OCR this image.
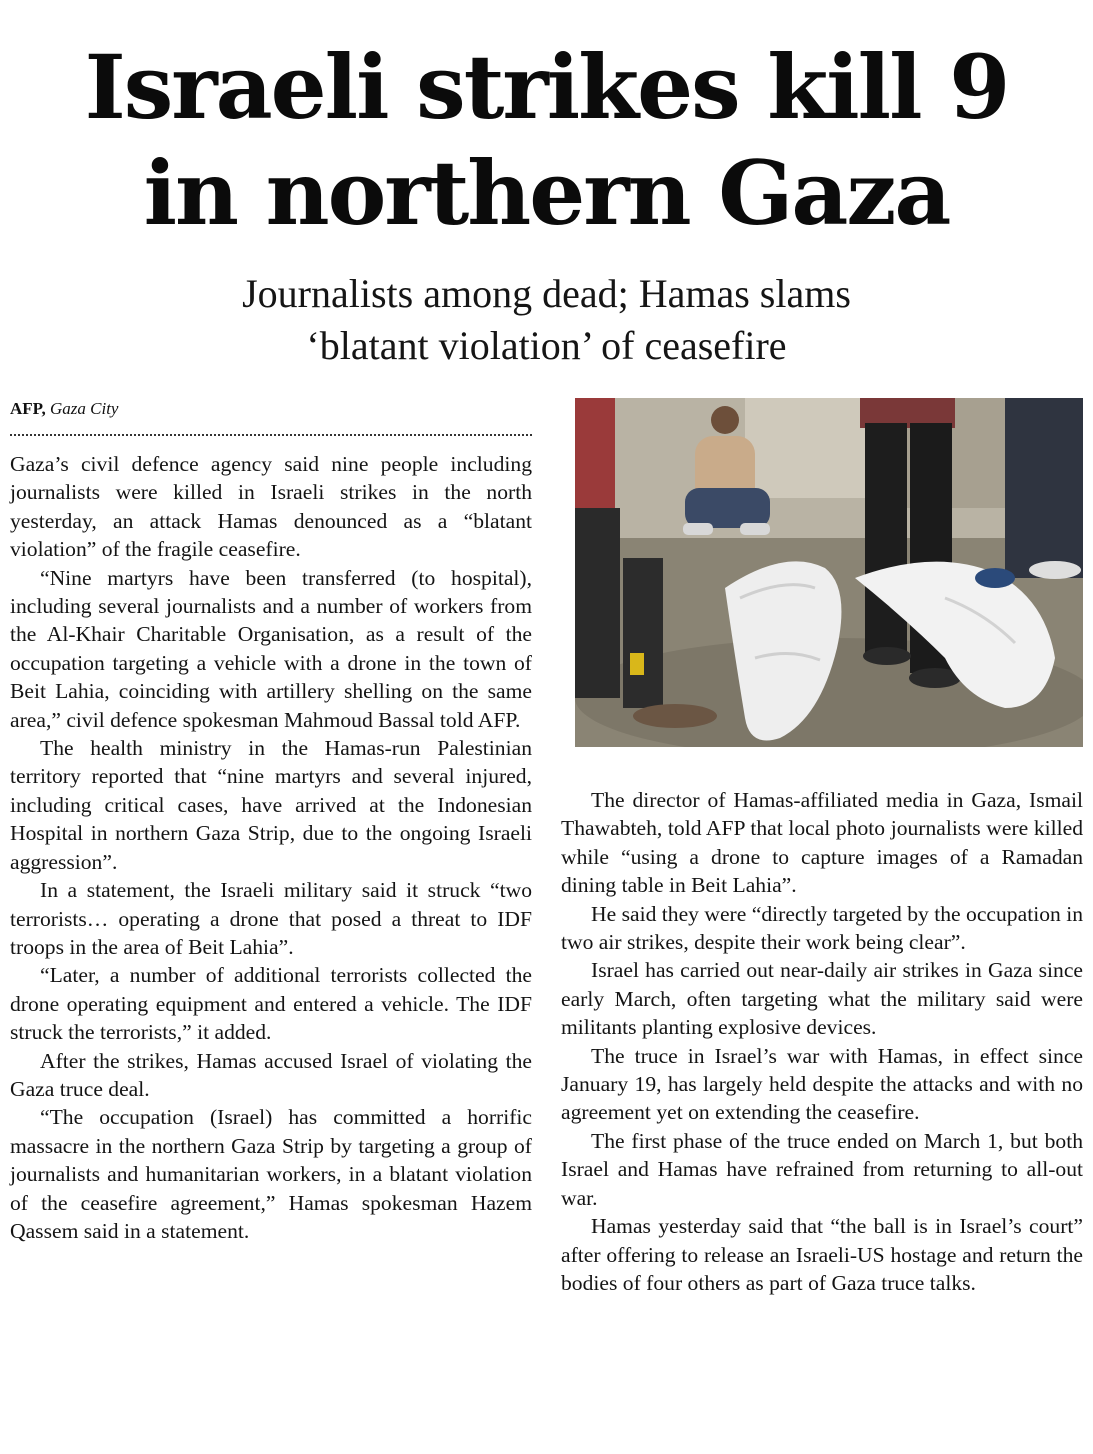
Israeli strikes kill 9
in northern Gaza
Journalists among dead; Hamas slams
‘blatant violation’ of ceasefire
AFP, Gaza City

Gaza’s civil defence agency said nine people including journalists were killed in Israeli strikes in the north yesterday, an attack Hamas denounced as a “blatant violation” of the fragile ceasefire.

“Nine martyrs have been transferred (to hospital), including several journalists and a number of workers from the Al-Khair Charitable Organisation, as a result of the occupation targeting a vehicle with a drone in the town of Beit Lahia, coinciding with artillery shelling on the same area,” civil defence spokesman Mahmoud Bassal told AFP.

The health ministry in the Hamas-run Palestinian territory reported that “nine martyrs and several injured, including critical cases, have arrived at the Indonesian Hospital in northern Gaza Strip, due to the ongoing Israeli aggression”.

In a statement, the Israeli military said it struck “two terrorists… operating a drone that posed a threat to IDF troops in the area of Beit Lahia”.

“Later, a number of additional terrorists collected the drone operating equipment and entered a vehicle. The IDF struck the terrorists,” it added.

After the strikes, Hamas accused Israel of violating the Gaza truce deal.

“The occupation (Israel) has committed a horrific massacre in the northern Gaza Strip by targeting a group of journalists and humanitarian workers, in a blatant violation of the ceasefire agreement,” Hamas spokesman Hazem Qassem said in a statement.

The director of Hamas-affiliated media in Gaza, Ismail Thawabteh, told AFP that local photo journalists were killed while “using a drone to capture images of a Ramadan dining table in Beit Lahia”.

He said they were “directly targeted by the occupation in two air strikes, despite their work being clear”.

Israel has carried out near-daily air strikes in Gaza since early March, often targeting what the military said were militants planting explosive devices.

The truce in Israel’s war with Hamas, in effect since January 19, has largely held despite the attacks and with no agreement yet on extending the ceasefire.

The first phase of the truce ended on March 1, but both Israel and Hamas have refrained from returning to all-out war.

Hamas yesterday said that “the ball is in Israel’s court” after offering to release an Israeli-US hostage and return the bodies of four others as part of Gaza truce talks.
